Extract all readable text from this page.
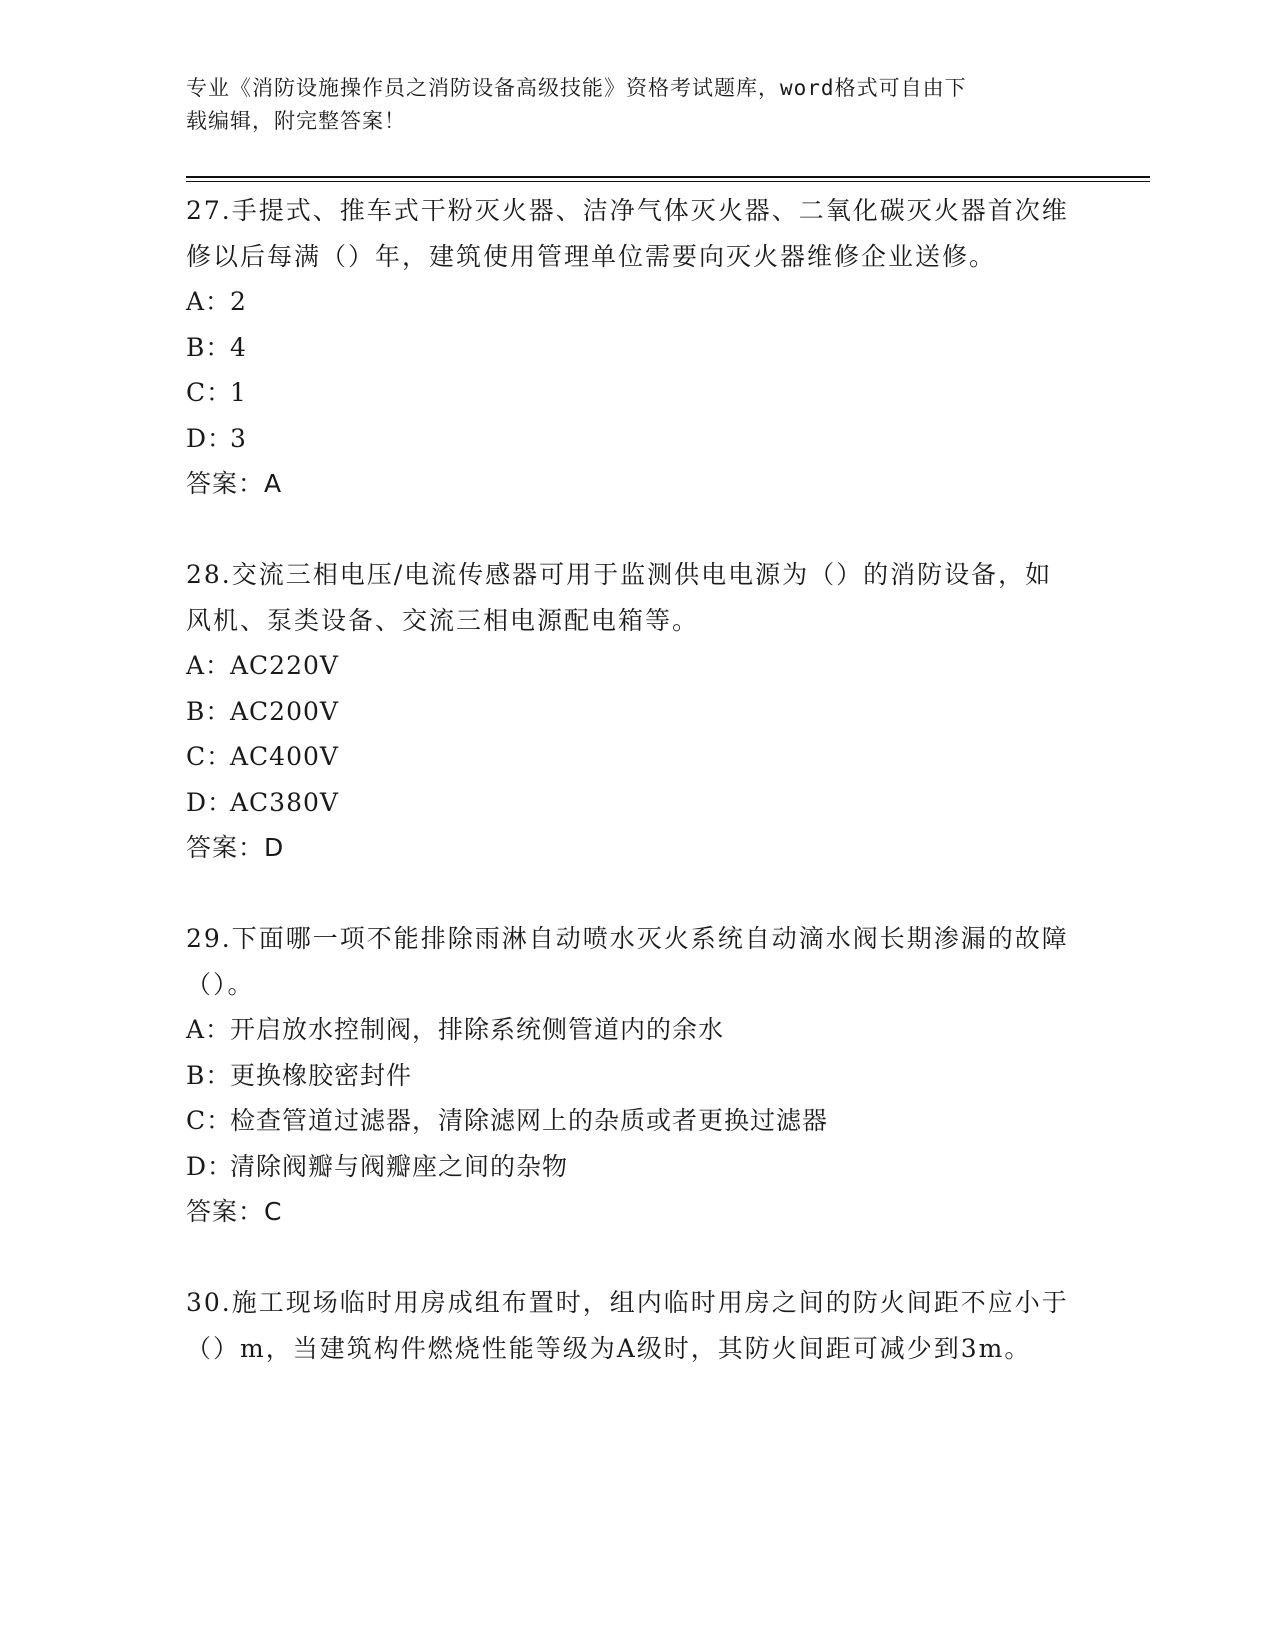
专业《消防设施操作员之消防设备高级技能》资格考试题库，word格式可自由下
载编辑，附完整答案！

27.手提式、推车式干粉灭火器、洁净气体灭火器、二氧化碳灭火器首次维修以后每满（）年，建筑使用管理单位需要向灭火器维修企业送修。

A：2

B：4

C：1

D：3

答案：A

28.交流三相电压/电流传感器可用于监测供电电源为（）的消防设备，如风机、泵类设备、交流三相电源配电箱等。

A：AC220V

B：AC200V

C：AC400V

D：AC380V

答案：D

29.下面哪一项不能排除雨淋自动喷水灭火系统自动滴水阀长期渗漏的故障（）。

A：开启放水控制阀，排除系统侧管道内的余水

B：更换橡胶密封件

C：检查管道过滤器，清除滤网上的杂质或者更换过滤器

D：清除阀瓣与阀瓣座之间的杂物

答案：C

30.施工现场临时用房成组布置时，组内临时用房之间的防火间距不应小于（）m，当建筑构件燃烧性能等级为A级时，其防火间距可减少到3m。
